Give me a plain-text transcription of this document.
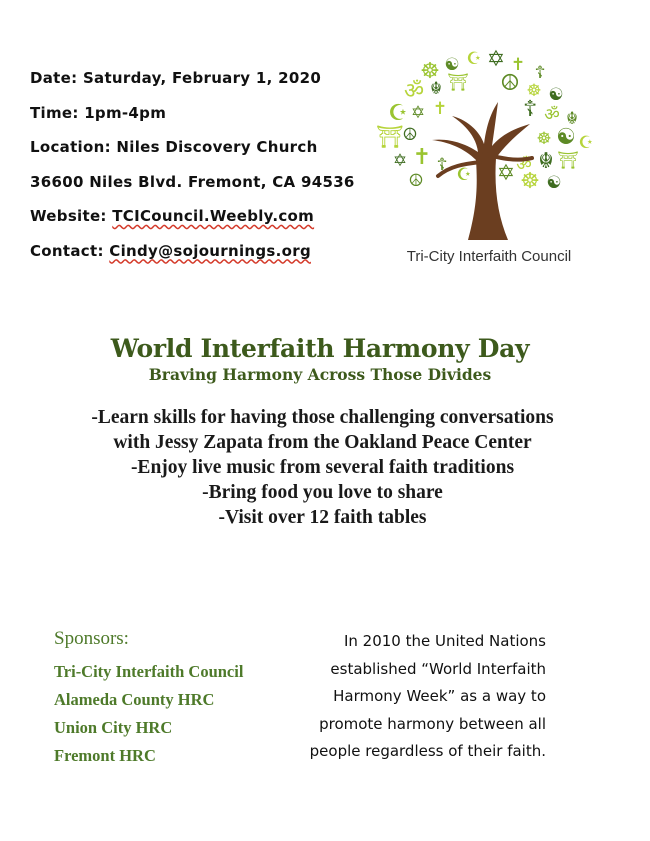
Date: Saturday, February 1, 2020
Time: 1pm-4pm
Location: Niles Discovery Church
36600 Niles Blvd. Fremont, CA 94536
Website: TCICouncil.Weebly.com
Contact: Cindy@sojournings.org
☸ ☯ ☪ ✡ ✝ ☦
ॐ ☬ ⛩ ☮ ☸ ☯
☪ ✡ ✝	☦ ॐ ☬
⛩
☮	☸ ☯ ☪
✡ ✝ ☦	ॐ ☬ ⛩
☮	☸ ☯
☪ ✡
Tri-City Interfaith Council
World Interfaith Harmony Day
Braving Harmony Across Those Divides
-Learn skills for having those challenging conversations
with Jessy Zapata from the Oakland Peace Center
-Enjoy live music from several faith traditions
-Bring food you love to share
-Visit over 12 faith tables
Sponsors:
Tri-City Interfaith Council
Alameda County HRC
Union City HRC
Fremont HRC
In 2010 the United Nations
established “World Interfaith
Harmony Week” as a way to
promote harmony between all
people regardless of their faith.
